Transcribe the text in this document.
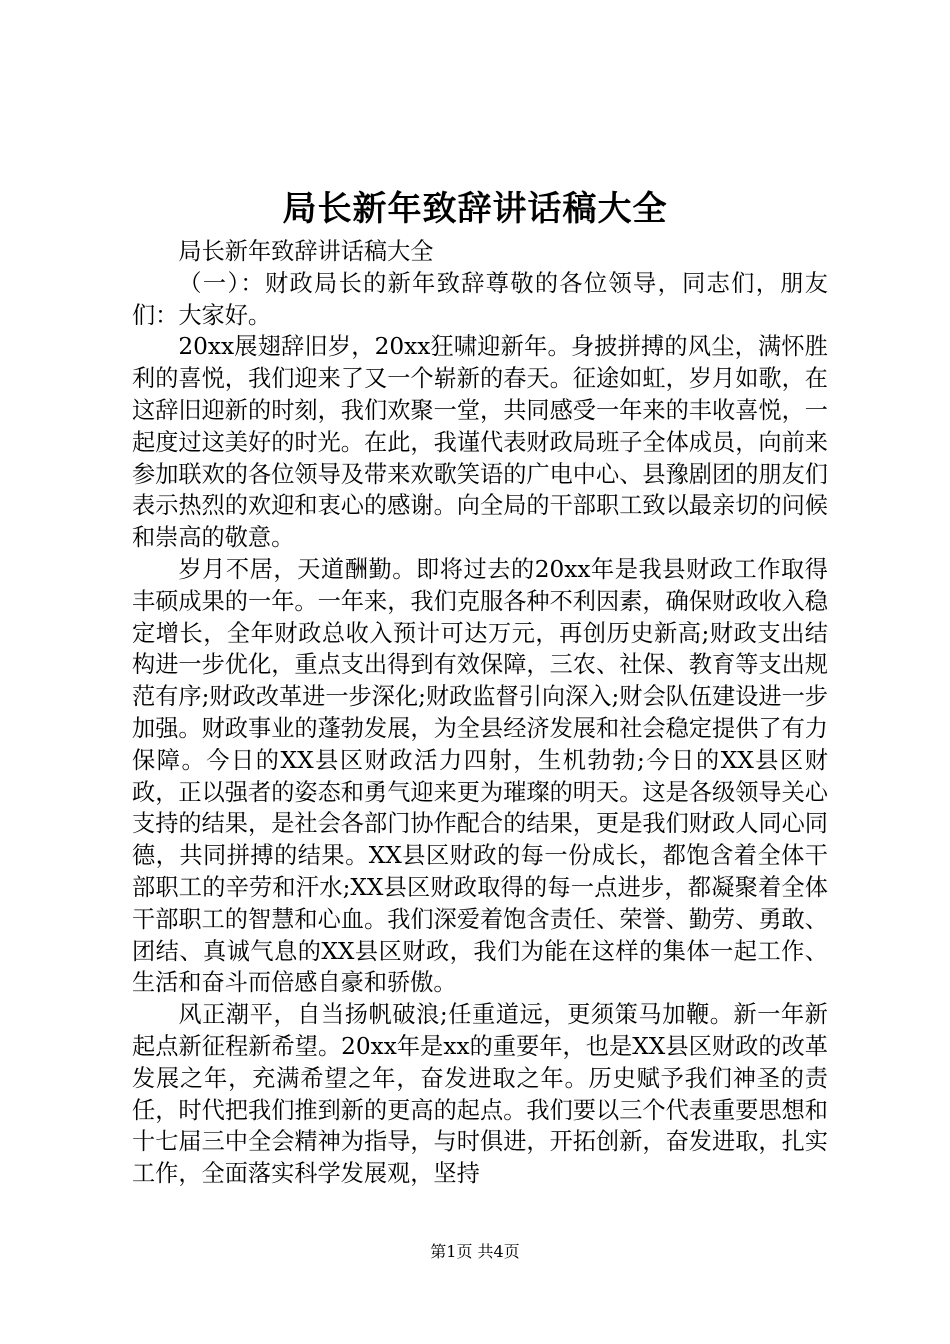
局长新年致辞讲话稿大全

局长新年致辞讲话稿大全

（一）：财政局长的新年致辞尊敬的各位领导，同志们，朋友们：大家好。

20xx展翅辞旧岁，20xx狂啸迎新年。身披拼搏的风尘，满怀胜利的喜悦，我们迎来了又一个崭新的春天。征途如虹，岁月如歌，在这辞旧迎新的时刻，我们欢聚一堂，共同感受一年来的丰收喜悦，一起度过这美好的时光。在此，我谨代表财政局班子全体成员，向前来参加联欢的各位领导及带来欢歌笑语的广电中心、县豫剧团的朋友们表示热烈的欢迎和衷心的感谢。向全局的干部职工致以最亲切的问候和崇高的敬意。

岁月不居，天道酬勤。即将过去的20xx年是我县财政工作取得丰硕成果的一年。一年来，我们克服各种不利因素，确保财政收入稳定增长，全年财政总收入预计可达万元，再创历史新高;财政支出结构进一步优化，重点支出得到有效保障，三农、社保、教育等支出规范有序;财政改革进一步深化;财政监督引向深入;财会队伍建设进一步加强。财政事业的蓬勃发展，为全县经济发展和社会稳定提供了有力保障。今日的XX县区财政活力四射，生机勃勃;今日的XX县区财政，正以强者的姿态和勇气迎来更为璀璨的明天。这是各级领导关心支持的结果，是社会各部门协作配合的结果，更是我们财政人同心同德，共同拼搏的结果。XX县区财政的每一份成长，都饱含着全体干部职工的辛劳和汗水;XX县区财政取得的每一点进步，都凝聚着全体干部职工的智慧和心血。我们深爱着饱含责任、荣誉、勤劳、勇敢、团结、真诚气息的XX县区财政，我们为能在这样的集体一起工作、生活和奋斗而倍感自豪和骄傲。

风正潮平，自当扬帆破浪;任重道远，更须策马加鞭。新一年新起点新征程新希望。20xx年是xx的重要年，也是XX县区财政的改革发展之年，充满希望之年，奋发进取之年。历史赋予我们神圣的责任，时代把我们推到新的更高的起点。我们要以三个代表重要思想和十七届三中全会精神为指导，与时俱进，开拓创新，奋发进取，扎实工作，全面落实科学发展观，坚持

第1页 共4页
